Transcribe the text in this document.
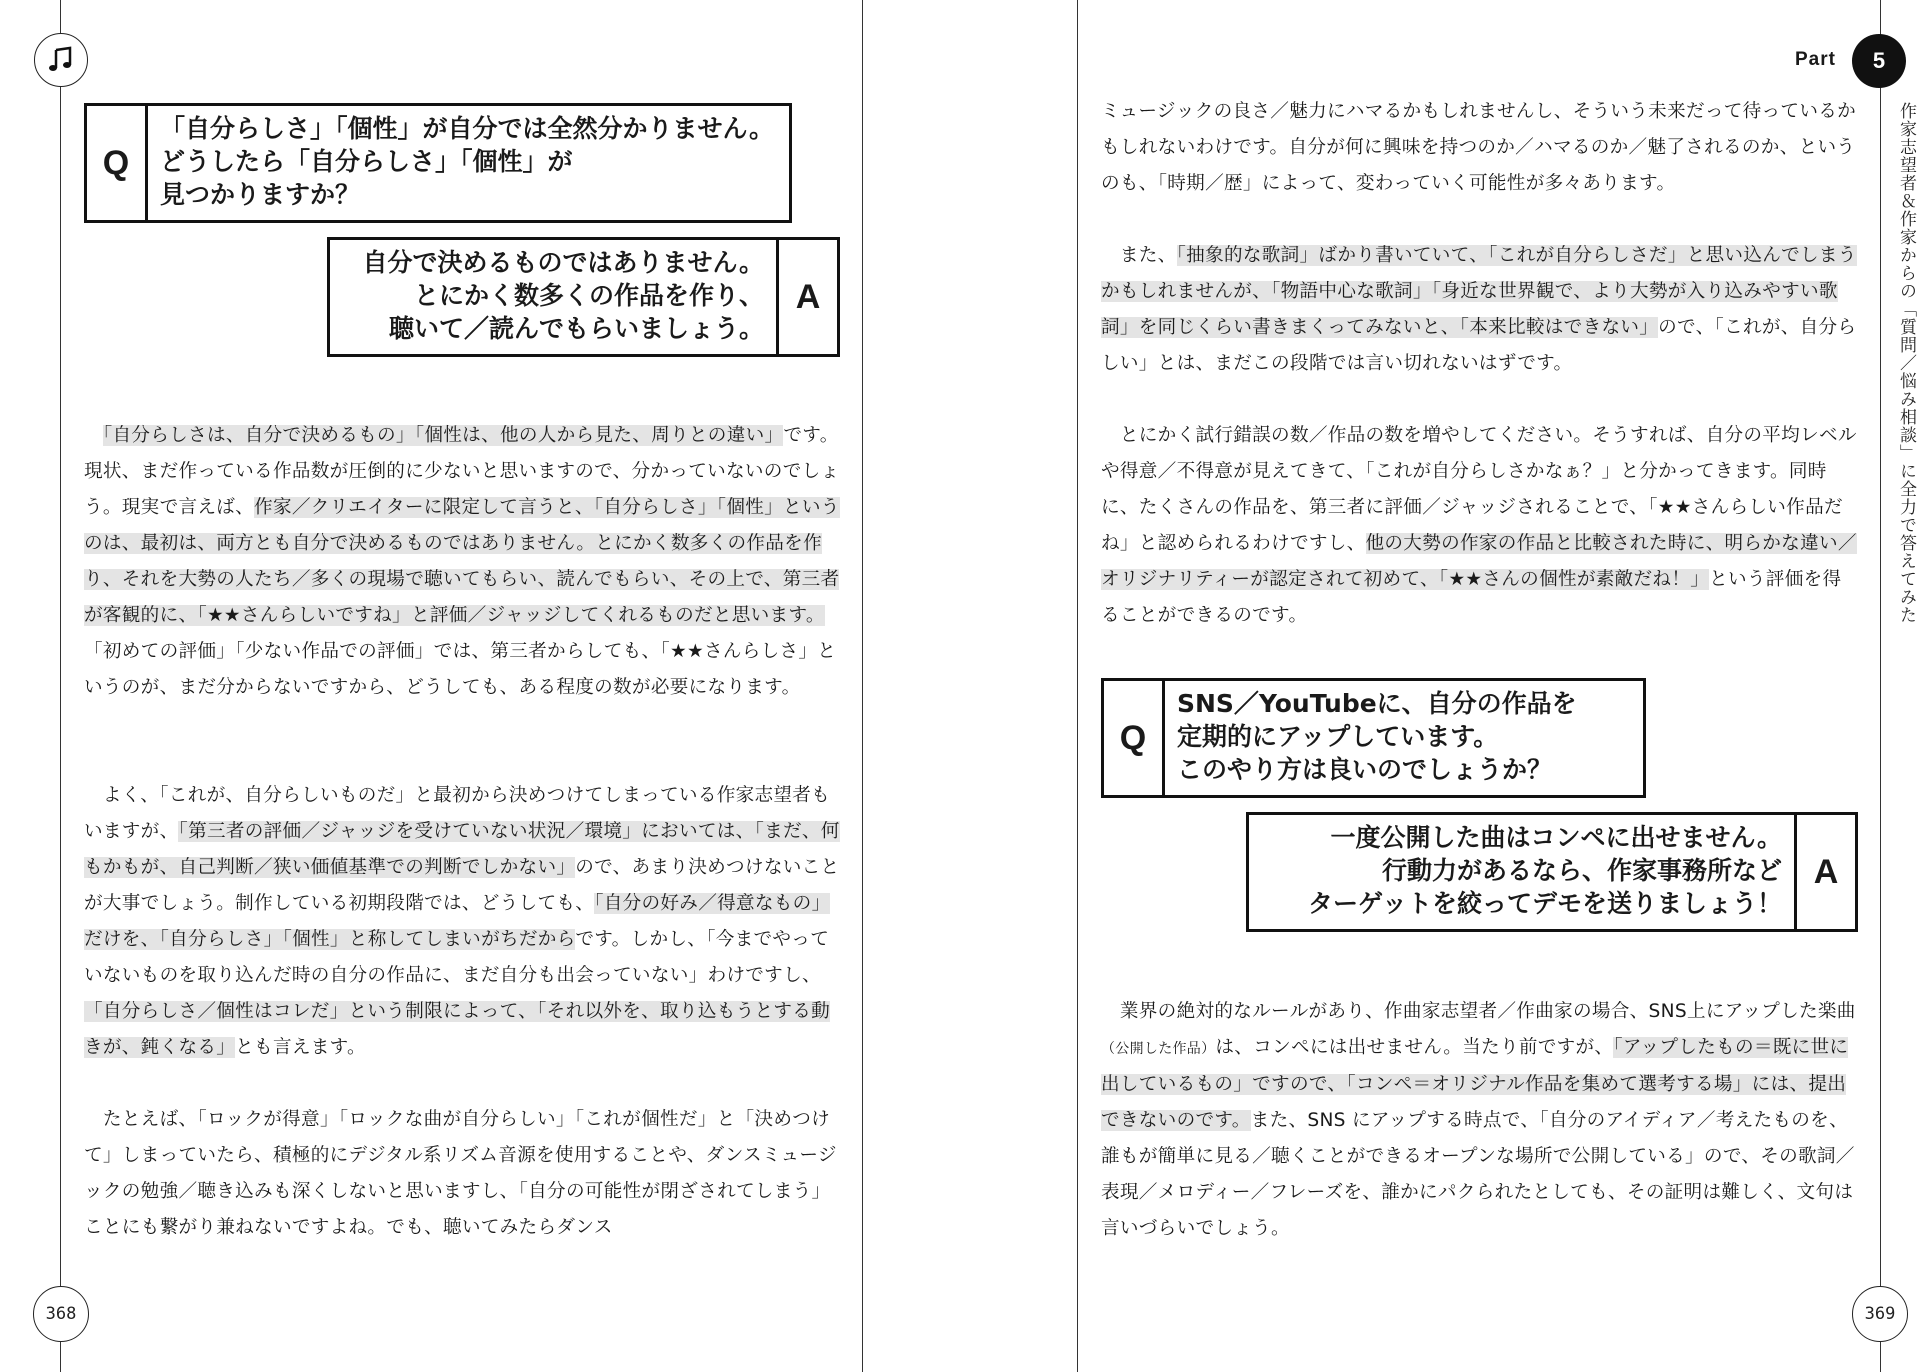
Part 5
作家志望者＆作家からの「質問／悩み相談」に全力で答えてみた
368	369
Q
「自分らしさ」「個性」が自分では全然分かりません。
どうしたら「自分らしさ」「個性」が
見つかりますか？
自分で決めるものではありません。
とにかく数多くの作品を作り、
聴いて／読んでもらいましょう。
A
　「自分らしさは、自分で決めるもの」「個性は、他の人から見た、周りとの違い」です。現状、まだ作っている作品数が圧倒的に少ないと思いますので、分かっていないのでしょう。現実で言えば、作家／クリエイターに限定して言うと、「自分らしさ」「個性」というのは、最初は、両方とも自分で決めるものではありません。とにかく数多くの作品を作り、それを大勢の人たち／多くの現場で聴いてもらい、読んでもらい、その上で、第三者が客観的に、「★★さんらしいですね」と評価／ジャッジしてくれるものだと思います。「初めての評価」「少ない作品での評価」では、第三者からしても、「★★さんらしさ」というのが、まだ分からないですから、どうしても、ある程度の数が必要になります。
　よく、「これが、自分らしいものだ」と最初から決めつけてしまっている作家志望者もいますが、「第三者の評価／ジャッジを受けていない状況／環境」においては、「まだ、何もかもが、自己判断／狭い価値基準での判断でしかない」ので、あまり決めつけないことが大事でしょう。制作している初期段階では、どうしても、「自分の好み／得意なもの」だけを、「自分らしさ」「個性」と称してしまいがちだからです。しかし、「今までやっていないものを取り込んだ時の自分の作品に、まだ自分も出会っていない」わけですし、「自分らしさ／個性はコレだ」という制限によって、「それ以外を、取り込もうとする動きが、鈍くなる」とも言えます。
　たとえば、「ロックが得意」「ロックな曲が自分らしい」「これが個性だ」と「決めつけて」しまっていたら、積極的にデジタル系リズム音源を使用することや、ダンスミュージックの勉強／聴き込みも深くしないと思いますし、「自分の可能性が閉ざされてしまう」ことにも繋がり兼ねないですよね。でも、聴いてみたらダンス
ミュージックの良さ／魅力にハマるかもしれませんし、そういう未来だって待っているかもしれないわけです。自分が何に興味を持つのか／ハマるのか／魅了されるのか、というのも、「時期／歴」によって、変わっていく可能性が多々あります。
　また、「抽象的な歌詞」ばかり書いていて、「これが自分らしさだ」と思い込んでしまうかもしれませんが、「物語中心な歌詞」「身近な世界観で、より大勢が入り込みやすい歌詞」を同じくらい書きまくってみないと、「本来比較はできない」ので、「これが、自分らしい」とは、まだこの段階では言い切れないはずです。
　とにかく試行錯誤の数／作品の数を増やしてください。そうすれば、自分の平均レベルや得意／不得意が見えてきて、「これが自分らしさかなぁ？」と分かってきます。同時に、たくさんの作品を、第三者に評価／ジャッジされることで、「★★さんらしい作品だね」と認められるわけですし、他の大勢の作家の作品と比較された時に、明らかな違い／オリジナリティーが認定されて初めて、「★★さんの個性が素敵だね！」という評価を得ることができるのです。
Q
SNS／YouTubeに、自分の作品を
定期的にアップしています。
このやり方は良いのでしょうか？
一度公開した曲はコンペに出せません。
行動力があるなら、作家事務所など
ターゲットを絞ってデモを送りましょう！
A
　業界の絶対的なルールがあり、作曲家志望者／作曲家の場合、SNS上にアップした楽曲（公開した作品）は、コンペには出せません。当たり前ですが、「アップしたもの＝既に世に出しているもの」ですので、「コンペ＝オリジナル作品を集めて選考する場」には、提出できないのです。また、SNS にアップする時点で、「自分のアイディア／考えたものを、誰もが簡単に見る／聴くことができるオープンな場所で公開している」ので、その歌詞／表現／メロディー／フレーズを、誰かにパクられたとしても、その証明は難しく、文句は言いづらいでしょう。
